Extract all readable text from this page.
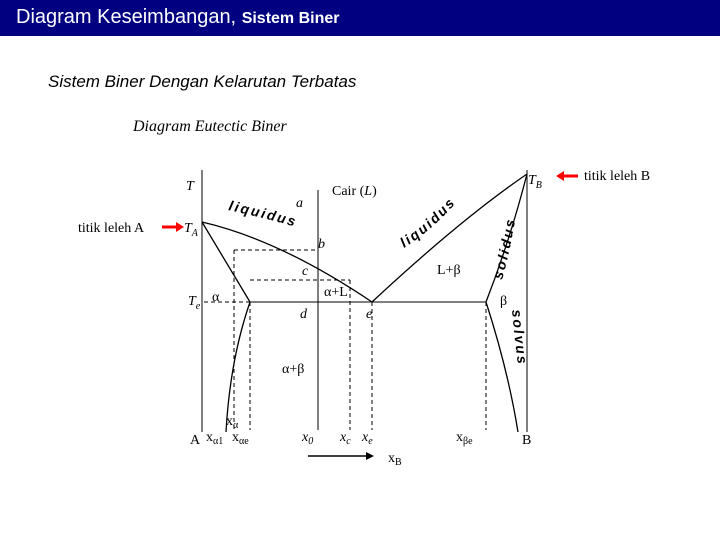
Diagram Keseimbangan, Sistem Biner
Sistem Biner Dengan Kelarutan Terbatas
Diagram Eutectic Biner
T
titik leleh A	$T_A$
$T_B$
titik leleh B
$T_e$
Cair (L)
liquidus
liquidus
solidus
solvus
a
b
c
d	e
α	β
α+L
L+β
α+β
$x_\alpha$
A	B
$x_{\alpha 1}$ $x_{\alpha e}$	$x_0$ $x_c$ $x_e$	$x_{\beta e}$
$x_B$
